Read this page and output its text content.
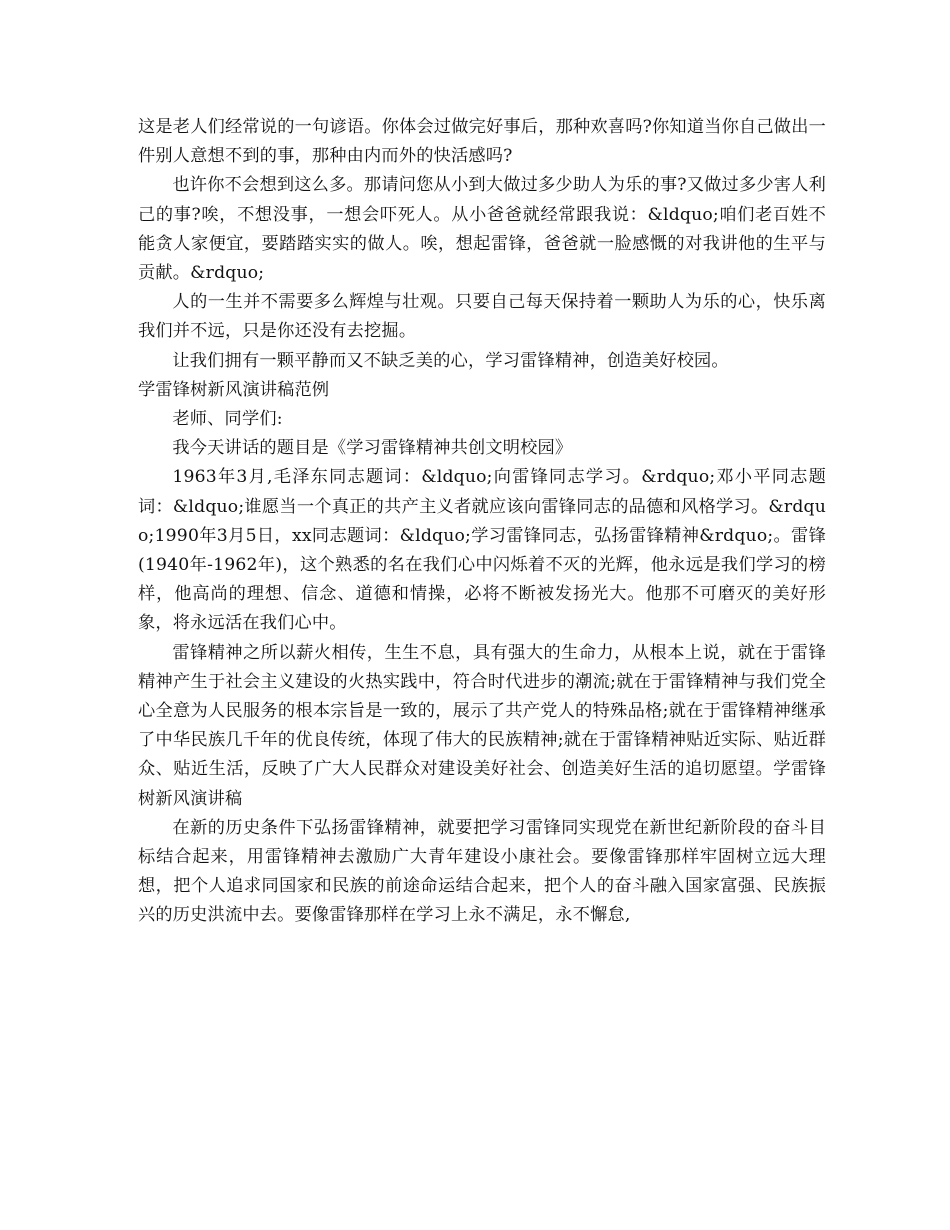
这是老人们经常说的一句谚语。你体会过做完好事后，那种欢喜吗?你知道当你自己做出一件别人意想不到的事，那种由内而外的快活感吗?

也许你不会想到这么多。那请问您从小到大做过多少助人为乐的事?又做过多少害人利己的事?唉，不想没事，一想会吓死人。从小爸爸就经常跟我说：&ldquo;咱们老百姓不能贪人家便宜，要踏踏实实的做人。唉，想起雷锋，爸爸就一脸感慨的对我讲他的生平与贡献。&rdquo;

人的一生并不需要多么辉煌与壮观。只要自己每天保持着一颗助人为乐的心，快乐离我们并不远，只是你还没有去挖掘。

让我们拥有一颗平静而又不缺乏美的心，学习雷锋精神，创造美好校园。

学雷锋树新风演讲稿范例

老师、同学们:

我今天讲话的题目是《学习雷锋精神共创文明校园》

1963年3月,毛泽东同志题词：&ldquo;向雷锋同志学习。&rdquo;邓小平同志题词：&ldquo;谁愿当一个真正的共产主义者就应该向雷锋同志的品德和风格学习。&rdquo;1990年3月5日，xx同志题词：&ldquo;学习雷锋同志，弘扬雷锋精神&rdquo;。雷锋(1940年-1962年)，这个熟悉的名在我们心中闪烁着不灭的光辉，他永远是我们学习的榜样，他高尚的理想、信念、道德和情操，必将不断被发扬光大。他那不可磨灭的美好形象，将永远活在我们心中。

雷锋精神之所以薪火相传，生生不息，具有强大的生命力，从根本上说，就在于雷锋精神产生于社会主义建设的火热实践中，符合时代进步的潮流;就在于雷锋精神与我们党全心全意为人民服务的根本宗旨是一致的，展示了共产党人的特殊品格;就在于雷锋精神继承了中华民族几千年的优良传统，体现了伟大的民族精神;就在于雷锋精神贴近实际、贴近群众、贴近生活，反映了广大人民群众对建设美好社会、创造美好生活的追切愿望。学雷锋树新风演讲稿

在新的历史条件下弘扬雷锋精神，就要把学习雷锋同实现党在新世纪新阶段的奋斗目标结合起来，用雷锋精神去激励广大青年建设小康社会。要像雷锋那样牢固树立远大理想，把个人追求同国家和民族的前途命运结合起来，把个人的奋斗融入国家富强、民族振兴的历史洪流中去。要像雷锋那样在学习上永不满足，永不懈怠,
